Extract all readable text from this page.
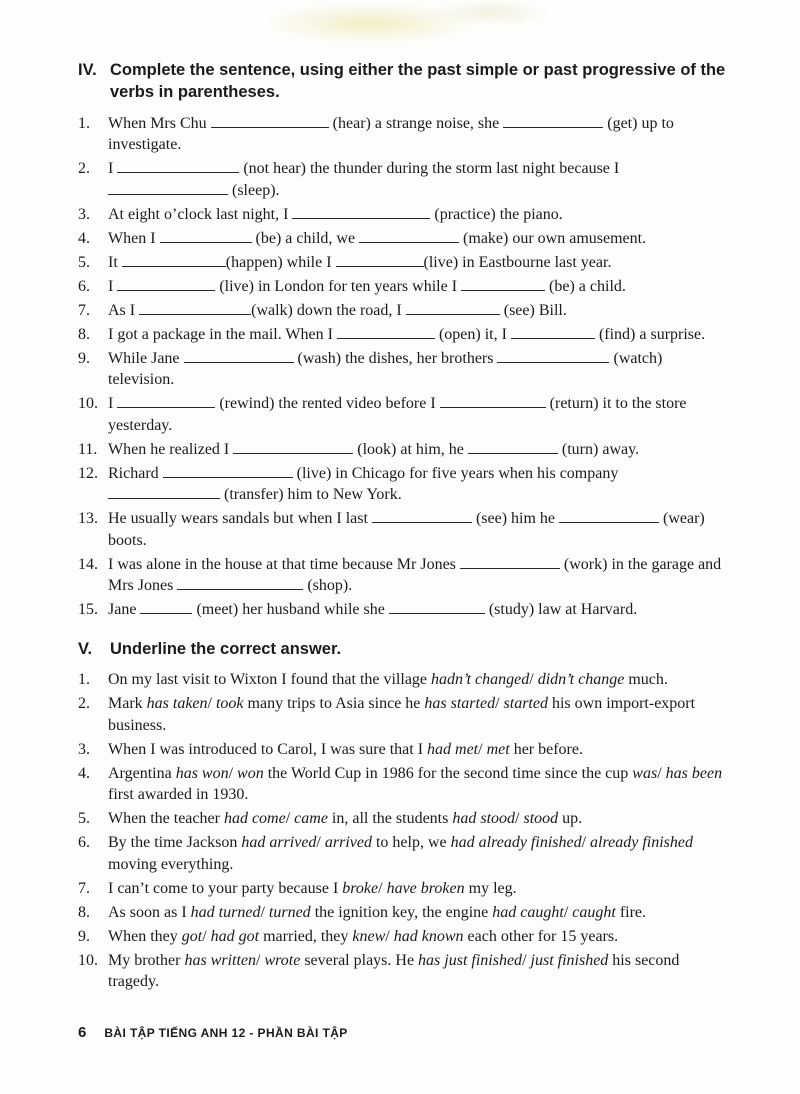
IV. Complete the sentence, using either the past simple or past progressive of the verbs in parentheses.
1.	When Mrs Chu	(hear) a strange noise, she	(get) up to investigate.
2.	I	(not hear) the thunder during the storm last night because I  (sleep).
3.	At eight o’clock last night, I	(practice) the piano.
4.	When I	(be) a child, we	(make) our own amusement.
5.	It	(happen) while I	(live) in Eastbourne last year.
6.	I	(live) in London for ten years while I	(be) a child.
7.	As I	(walk) down the road, I	(see) Bill.
8.	I got a package in the mail. When I	(open) it, I	(find) a surprise.
9.	While Jane	(wash) the dishes, her brothers	(watch) television.
10. I	(rewind) the rented video before I	(return) it to the store yesterday.
11. When he realized I	(look) at him, he	(turn) away.
12. Richard	(live) in Chicago for five years when his company  (transfer) him to New York.
13. He usually wears sandals but when I last	(see) him he	(wear) boots.
14. I was alone in the house at that time because Mr Jones	(work) in the garage and Mrs Jones	(shop).
15. Jane	(meet) her husband while she	(study) law at Harvard.
V.	Underline the correct answer.
1.	On my last visit to Wixton I found that the village hadn’t changed/ didn’t change much.
2.	Mark has taken/ took many trips to Asia since he has started/ started his own import-export business.
3.	When I was introduced to Carol, I was sure that I had met/ met her before.
4.	Argentina has won/ won the World Cup in 1986 for the second time since the cup was/ has been first awarded in 1930.
5.	When the teacher had come/ came in, all the students had stood/ stood up.
6.	By the time Jackson had arrived/ arrived to help, we had already finished/ already finished moving everything.
7.	I can’t come to your party because I broke/ have broken my leg.
8.	As soon as I had turned/ turned the ignition key, the engine had caught/ caught fire.
9.	When they got/ had got married, they knew/ had known each other for 15 years.
10. My brother has written/ wrote several plays. He has just finished/ just finished his second tragedy.
6 BÀI TẬP TIẾNG ANH 12 - PHẦN BÀI TẬP
